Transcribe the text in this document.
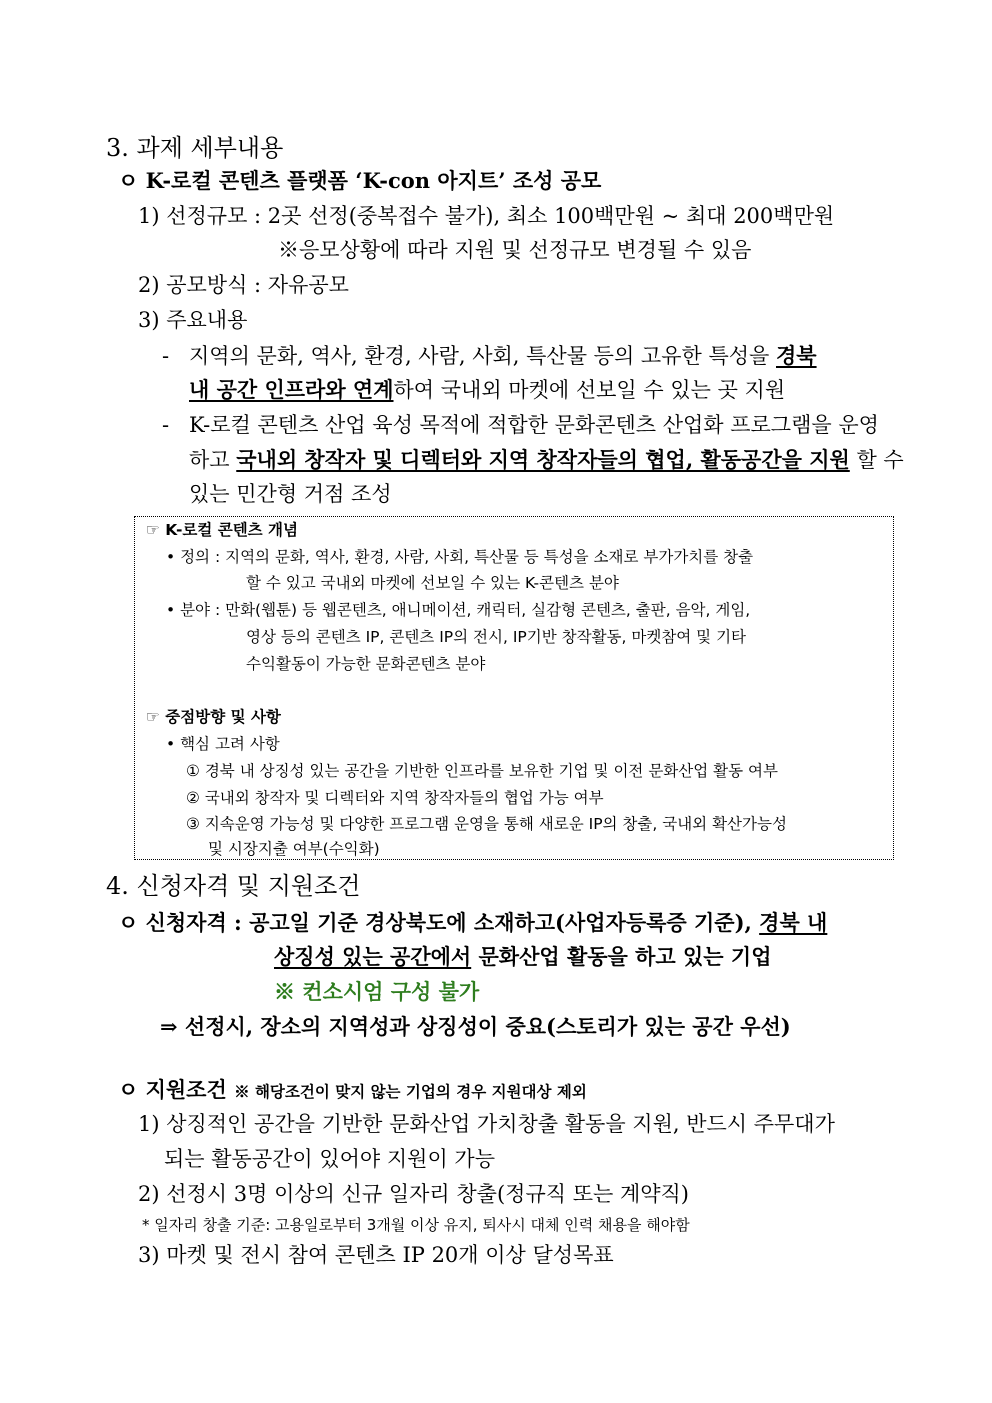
3. 과제 세부내용
ㅇ K-로컬 콘텐츠 플랫폼 ‘K-con 아지트’ 조성 공모
1) 선정규모 : 2곳 선정(중복접수 불가), 최소 100백만원 ~ 최대 200백만원
※응모상황에 따라 지원 및 선정규모 변경될 수 있음
2) 공모방식 : 자유공모
3) 주요내용
- 지역의 문화, 역사, 환경, 사람, 사회, 특산물 등의 고유한 특성을 경북
내 공간 인프라와 연계하여 국내외 마켓에 선보일 수 있는 곳 지원
- K-로컬 콘텐츠 산업 육성 목적에 적합한 문화콘텐츠 산업화 프로그램을 운영
하고 국내외 창작자 및 디렉터와 지역 창작자들의 협업, 활동공간을 지원 할 수
있는 민간형 거점 조성
☞ K-로컬 콘텐츠 개념
• 정의 : 지역의 문화, 역사, 환경, 사람, 사회, 특산물 등 특성을 소재로 부가가치를 창출
할 수 있고 국내외 마켓에 선보일 수 있는 K-콘텐츠 분야
• 분야 : 만화(웹툰) 등 웹콘텐츠, 애니메이션, 캐릭터, 실감형 콘텐츠, 출판, 음악, 게임,
영상 등의 콘텐츠 IP, 콘텐츠 IP의 전시, IP기반 창작활동, 마켓참여 및 기타
수익활동이 가능한 문화콘텐츠 분야
☞ 중점방향 및 사항
• 핵심 고려 사항
① 경북 내 상징성 있는 공간을 기반한 인프라를 보유한 기업 및 이전 문화산업 활동 여부
② 국내외 창작자 및 디렉터와 지역 창작자들의 협업 가능 여부
③ 지속운영 가능성 및 다양한 프로그램 운영을 통해 새로운 IP의 창출, 국내외 확산가능성
및 시장지출 여부(수익화)
4. 신청자격 및 지원조건
ㅇ 신청자격 : 공고일 기준 경상북도에 소재하고(사업자등록증 기준), 경북 내
상징성 있는 공간에서 문화산업 활동을 하고 있는 기업
※ 컨소시엄 구성 불가
⇒ 선정시, 장소의 지역성과 상징성이 중요(스토리가 있는 공간 우선)
ㅇ 지원조건 ※ 해당조건이 맞지 않는 기업의 경우 지원대상 제외
1) 상징적인 공간을 기반한 문화산업 가치창출 활동을 지원, 반드시 주무대가
되는 활동공간이 있어야 지원이 가능
2) 선정시 3명 이상의 신규 일자리 창출(정규직 또는 계약직)
* 일자리 창출 기준: 고용일로부터 3개월 이상 유지, 퇴사시 대체 인력 채용을 해야함
3) 마켓 및 전시 참여 콘텐츠 IP 20개 이상 달성목표
